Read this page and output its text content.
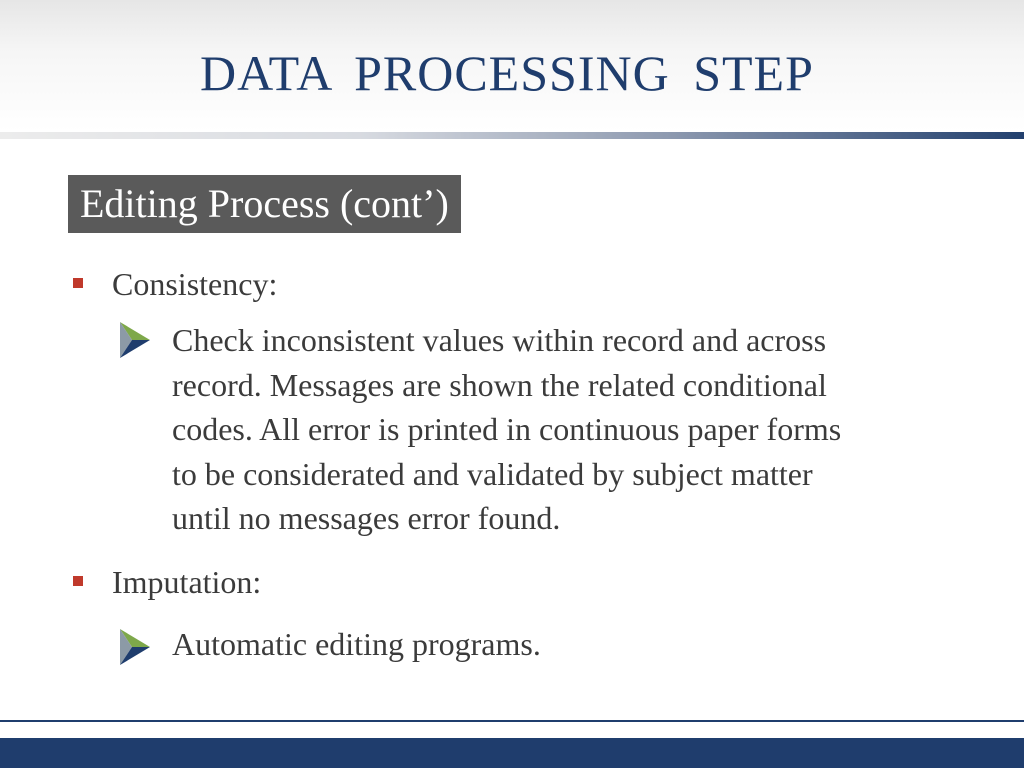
DATA PROCESSING STEP
Editing Process (cont’)
Consistency:

Check inconsistent values within record and across

record. Messages are shown the related conditional

codes. All error is printed in continuous paper forms

to be considerated and validated by subject matter

until no messages error found.

Imputation:

Automatic editing programs.
